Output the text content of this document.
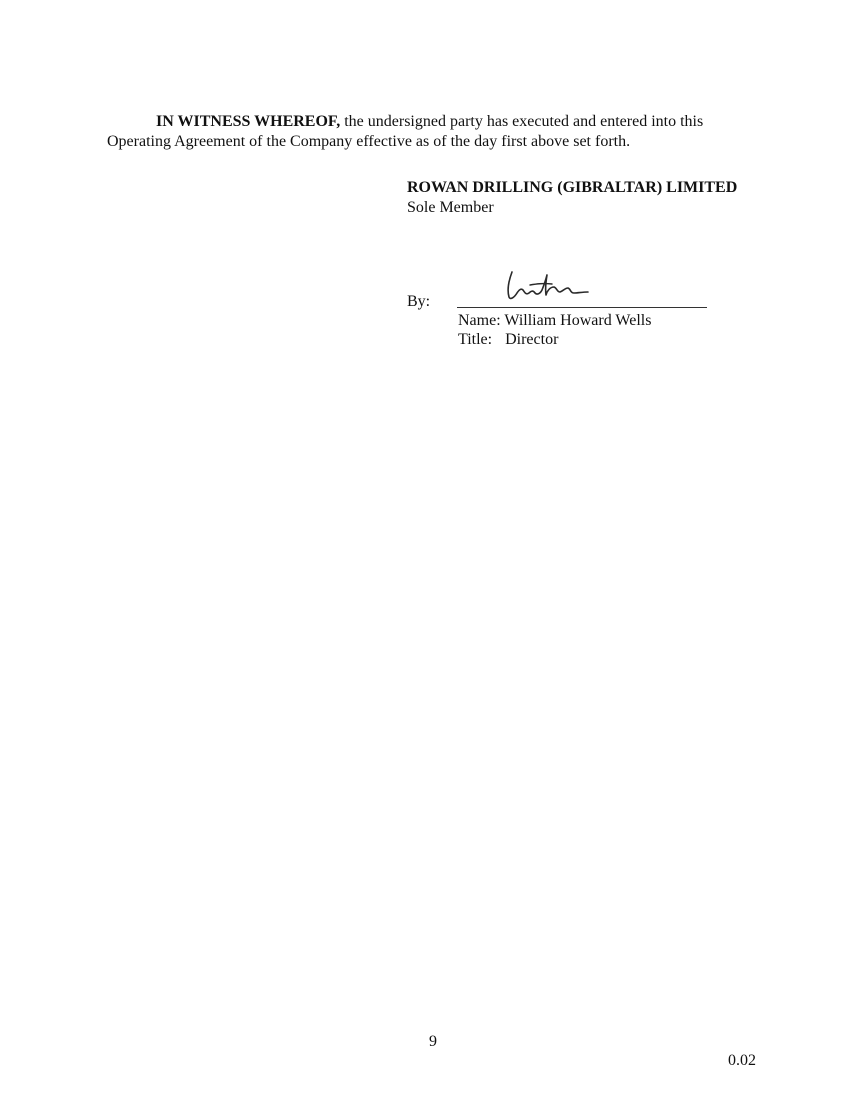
IN WITNESS WHEREOF, the undersigned party has executed and entered into this Operating Agreement of the Company effective as of the day first above set forth.

ROWAN DRILLING (GIBRALTAR) LIMITED
Sole Member
By:
Name: William Howard Wells
Title: Director
9
0.02
